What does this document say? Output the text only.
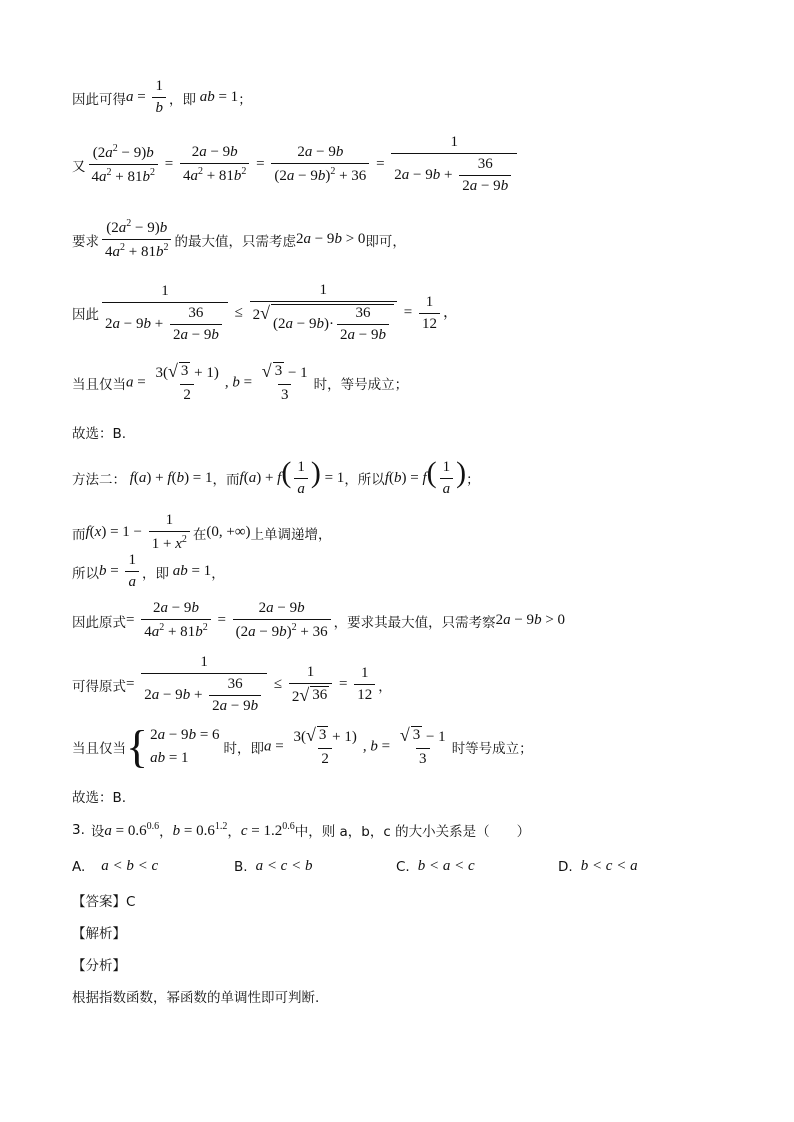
因此可得 $a = \frac{1}{b}$ ，即 ab = 1 ；
又 $\frac{(2a^2 - 9)b}{4a^2 + 81b^2} = \frac{2a - 9b}{4a^2 + 81b^2} = \frac{2a - 9b}{(2a - 9b)^2 + 36} = \frac{1}{2a - 9b + \frac{36}{2a - 9b}}$
要求 $\frac{(2a^2 - 9)b}{4a^2 + 81b^2}$ 的最大值，只需考虑 2a − 9b > 0 即可，
因此 $\frac{1}{2a - 9b + \frac{36}{2a - 9b}} \le 1$
2 √
$(2a - 9b)\cdot \frac{36}{2a - 9b} = \frac{1}{12}$ ，
当且仅当 $a = \frac{3( √ 3 + 1)}{2}$ , $b = \frac{√ 3 - 1}{3}$ 时，等号成立；
故选：B.
方法二： f(a) + f(b) = 1 ，而 $f(a) + f( \frac{1}{a}$ ) = 1 ，所以 $f(b) = f( \frac{1}{a}$ ) ；
而 $f(x) = 1 - \frac{1}{1 + x^2}$ 在 (0, +∞) 上单调递增，
所以 $b = \frac{1}{a}$ ，即 ab = 1 ，
因此原式 = $\frac{2a - 9b}{4a^2 + 81b^2} = \frac{2a - 9b}{(2a - 9b)^2 + 36}$ ，要求其最大值，只需考察 2a − 9b > 0
可得原式 = $\frac{1}{2a - 9b + \frac{36}{2a - 9b}} \le \frac{1}{2 √ 36} = \frac{1}{12}$ ，
当且仅当 { 2a − 9b = 6
ab = 1
时，即 $a = \frac{3( √ 3 + 1)}{2}$ , $b = \frac{√ 3 - 1}{3}$ 时等号成立；
故选：B.
3. 设 $a = 0.6^{0.6}$ ， $b = 0.6^{1.2}$ ， $c = 1.2^{0.6}$ 中，则 a，b，c 的大小关系是（　　）
A. a < b < c	B. a < c < b	C. b < a < c	D. b < c < a
【答案】C
【解析】
【分析】
根据指数函数，幂函数的单调性即可判断.
